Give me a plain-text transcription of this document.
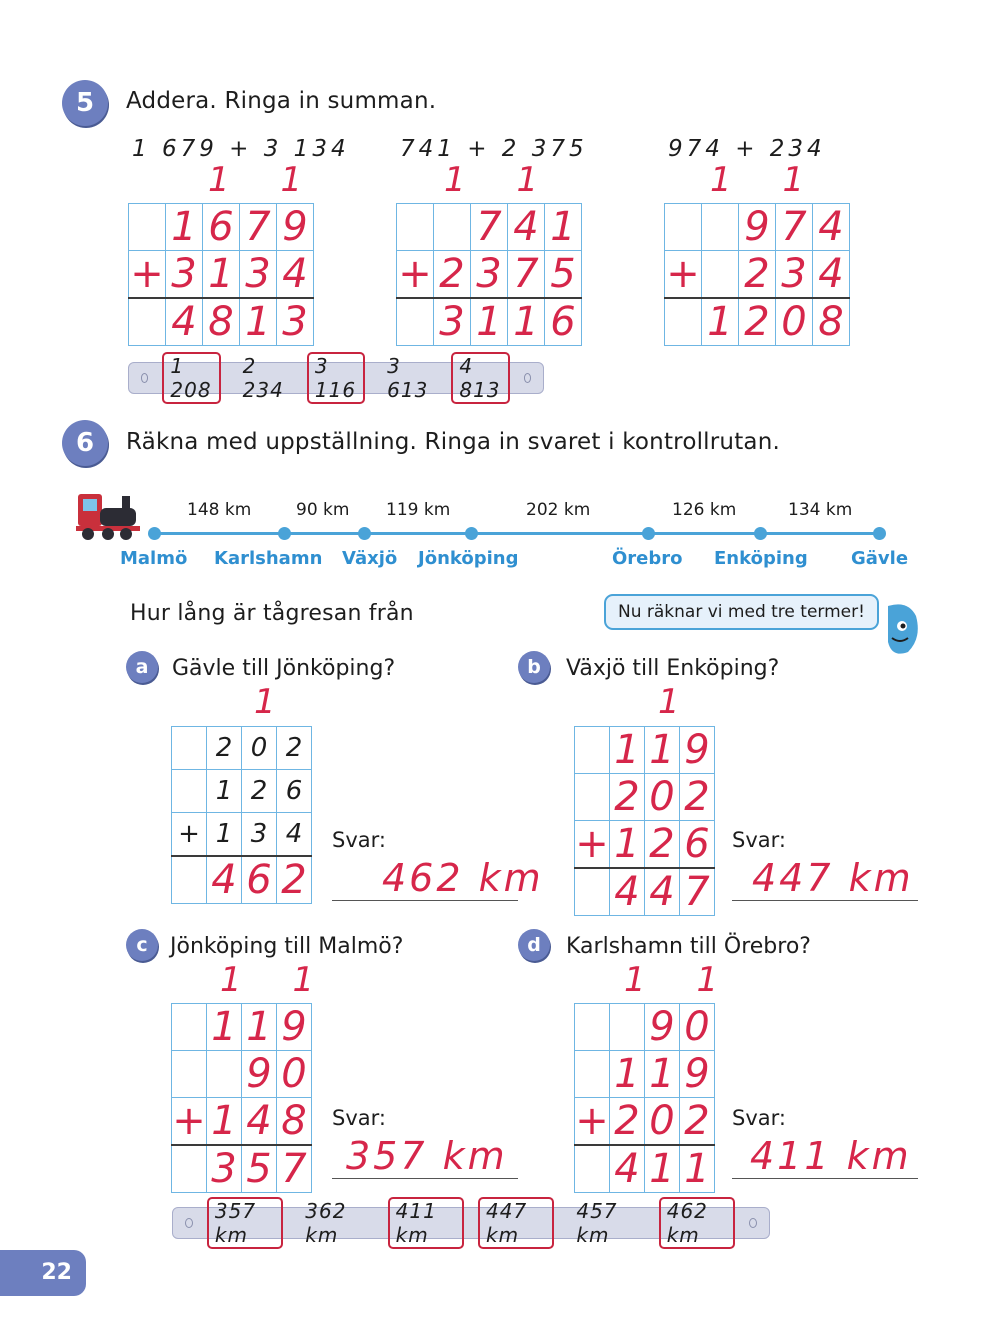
5	Addera. Ringa in summan.
1 679 + 3 134
1 1
	1	6	7	9
+	3	1	3	4
	4	8	1	3
741 + 2 375
1 1
		7	4	1
+	2	3	7	5
	3	1	1	6
974 + 234
1 1
		9	7	4
+		2	3	4
	1	2	0	8
1 208
2 234
3 116
3 613
4 813
6	Räkna med uppställning. Ringa in svaret i kontrollrutan.
148 km	90 km 119 km	202 km	126 km	134 km
Malmö Karlshamn Växjö Jönköping	Örebro Enköping Gävle
Hur lång är tågresan från	Nu räknar vi med tre termer!
a	Gävle till Jönköping?
1
	2	0	2
	1	2	6
+	1	3	4
	4	6	2
Svar:
462 km
b	Växjö till Enköping?
1
	1	1	9
	2	0	2
+	1	2	6
	4	4	7
Svar:
447 km
c	Jönköping till Malmö?
1 1
	1	1	9
		9	0
+	1	4	8
	3	5	7
Svar:
357 km
d	Karlshamn till Örebro?
1 1
		9	0
	1	1	9
+	2	0	2
	4	1	1
Svar:
411 km
357 km
362 km
411 km
447 km
457 km
462 km
22
